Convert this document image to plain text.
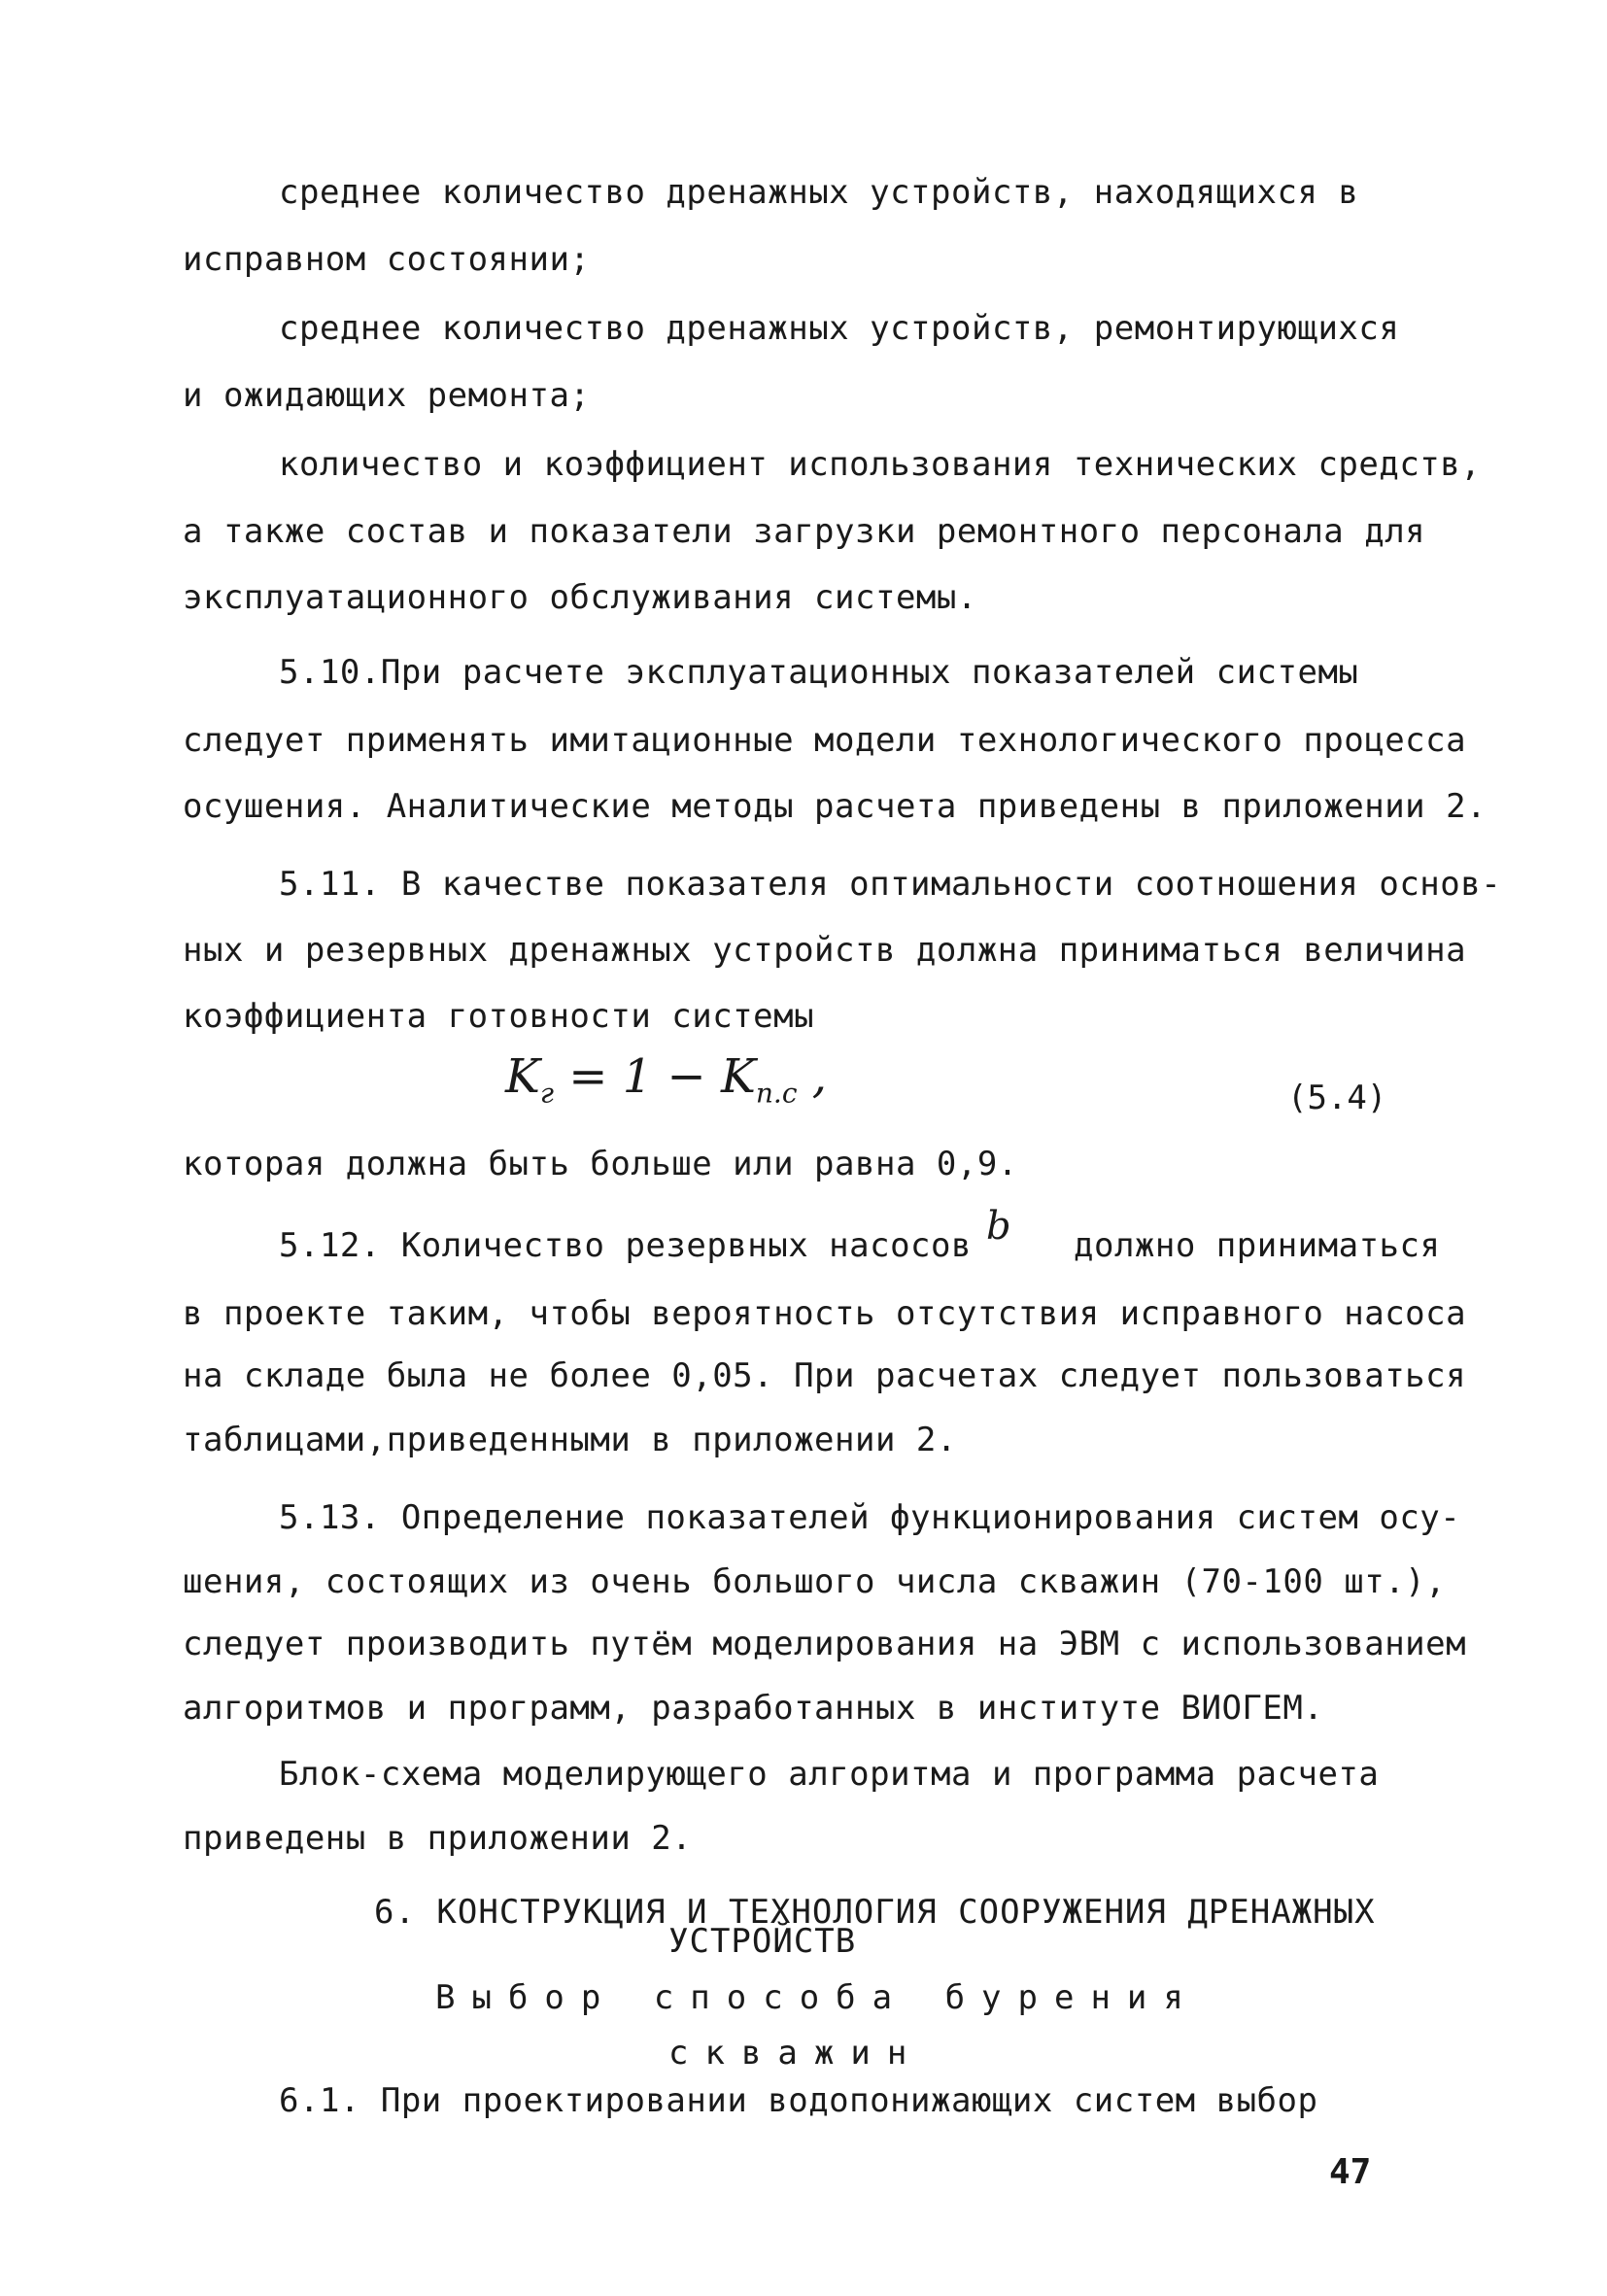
среднее количество дренажных устройств, находящихся в
исправном состоянии;
среднее количество дренажных устройств, ремонтирующихся
и ожидающих ремонта;
количество и коэффициент использования технических средств,
а также состав и показатели загрузки ремонтного персонала для
эксплуатационного обслуживания системы.
5.10.При расчете эксплуатационных показателей системы
следует применять имитационные модели технологического процесса
осушения. Аналитические методы расчета приведены в приложении 2.
5.11. В качестве показателя оптимальности соотношения основ-
ных и резервных дренажных устройств должна приниматься величина
коэффициента готовности системы
$K_г = 1 - K_{п.с}$ ,	(5.4)
которая должна быть больше или равна 0,9.
5.12. Количество резервных насосов b должно приниматься
в проекте таким, чтобы вероятность отсутствия исправного насоса
на складе была не более 0,05. При расчетах следует пользоваться
таблицами,приведенными в приложении 2.
5.13. Определение показателей функционирования систем осу-
шения, состоящих из очень большого числа скважин (70-100 шт.),
следует производить путём моделирования на ЭВМ с использованием
алгоритмов и программ, разработанных в институте ВИОГЕМ.
Блок-схема моделирующего алгоритма и программа расчета
приведены в приложении 2.
6. КОНСТРУКЦИЯ И ТЕХНОЛОГИЯ СООРУЖЕНИЯ ДРЕНАЖНЫХ
УСТРОЙСТВ
Выбор способа бурения
скважин
6.1. При проектировании водопонижающих систем выбор
47
